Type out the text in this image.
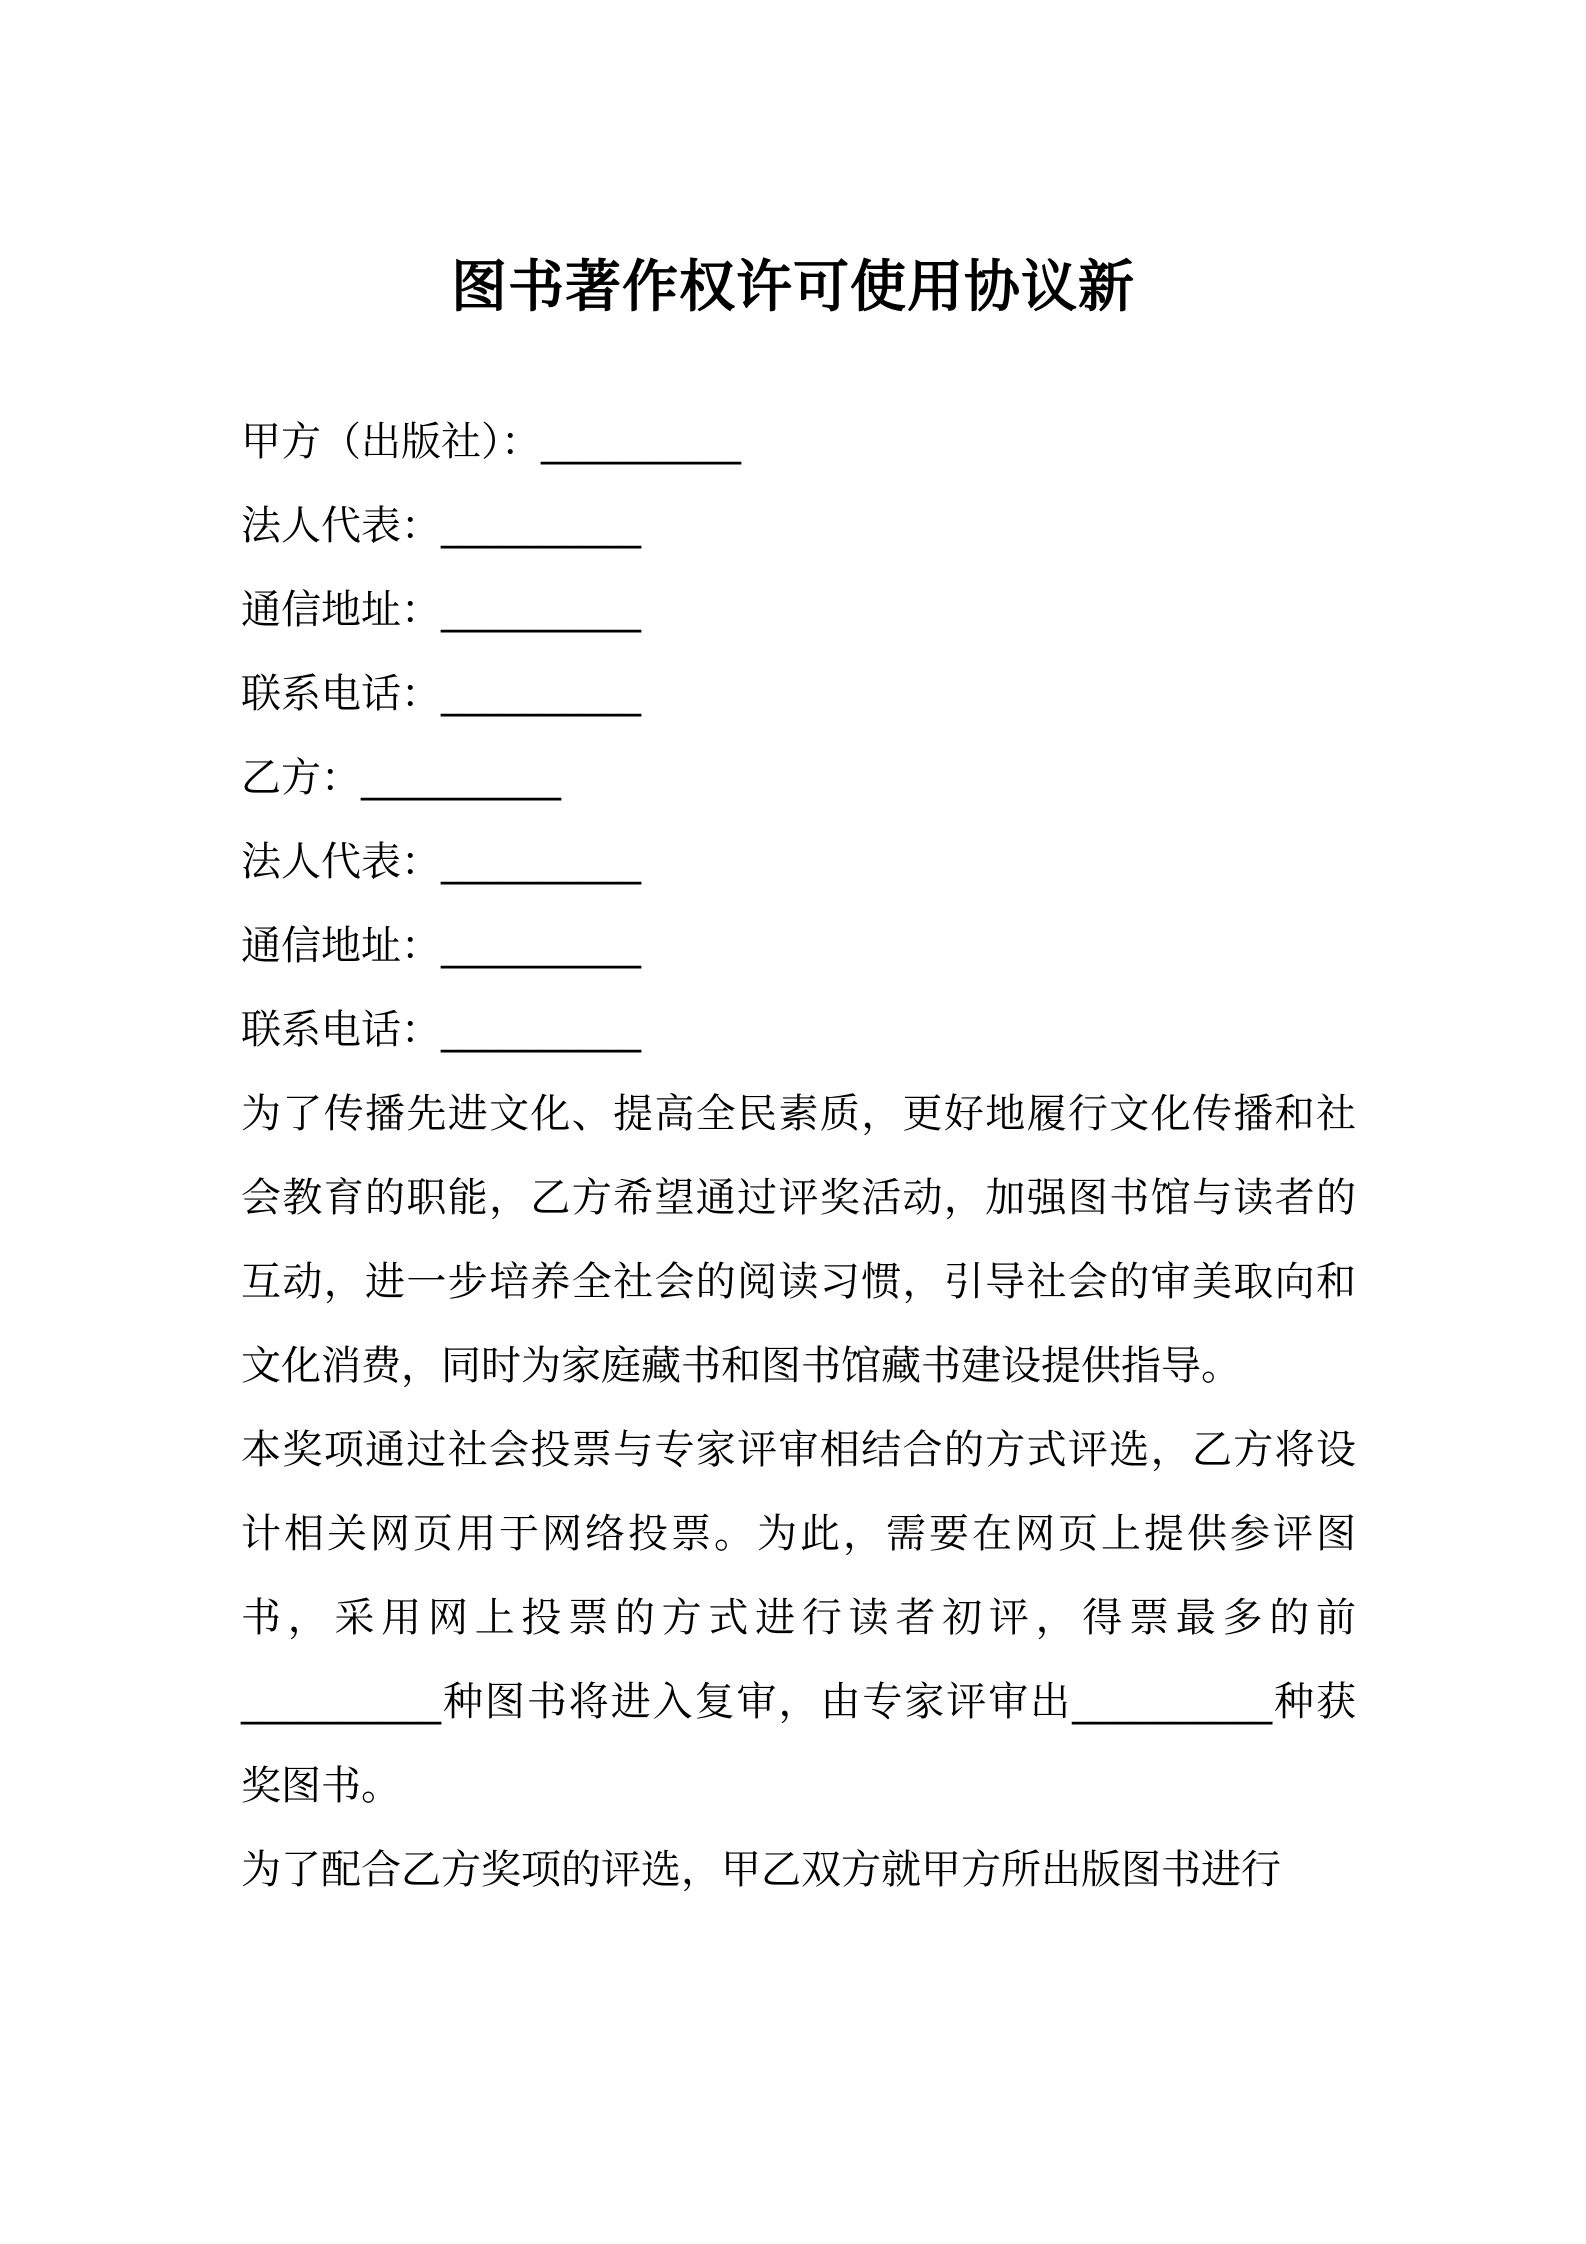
图书著作权许可使用协议新
甲方（出版社）：__________
法人代表：__________
通信地址：__________
联系电话：__________
乙方：__________
法人代表：__________
通信地址：__________
联系电话：__________

为了传播先进文化、提高全民素质，更好地履行文化传播和社会教育的职能，乙方希望通过评奖活动，加强图书馆与读者的互动，进一步培养全社会的阅读习惯，引导社会的审美取向和文化消费，同时为家庭藏书和图书馆藏书建设提供指导。

本奖项通过社会投票与专家评审相结合的方式评选，乙方将设计相关网页用于网络投票。为此，需要在网页上提供参评图书，采用网上投票的方式进行读者初评，得票最多的前__________种图书将进入复审，由专家评审出__________种获奖图书。

为了配合乙方奖项的评选，甲乙双方就甲方所出版图书进行
